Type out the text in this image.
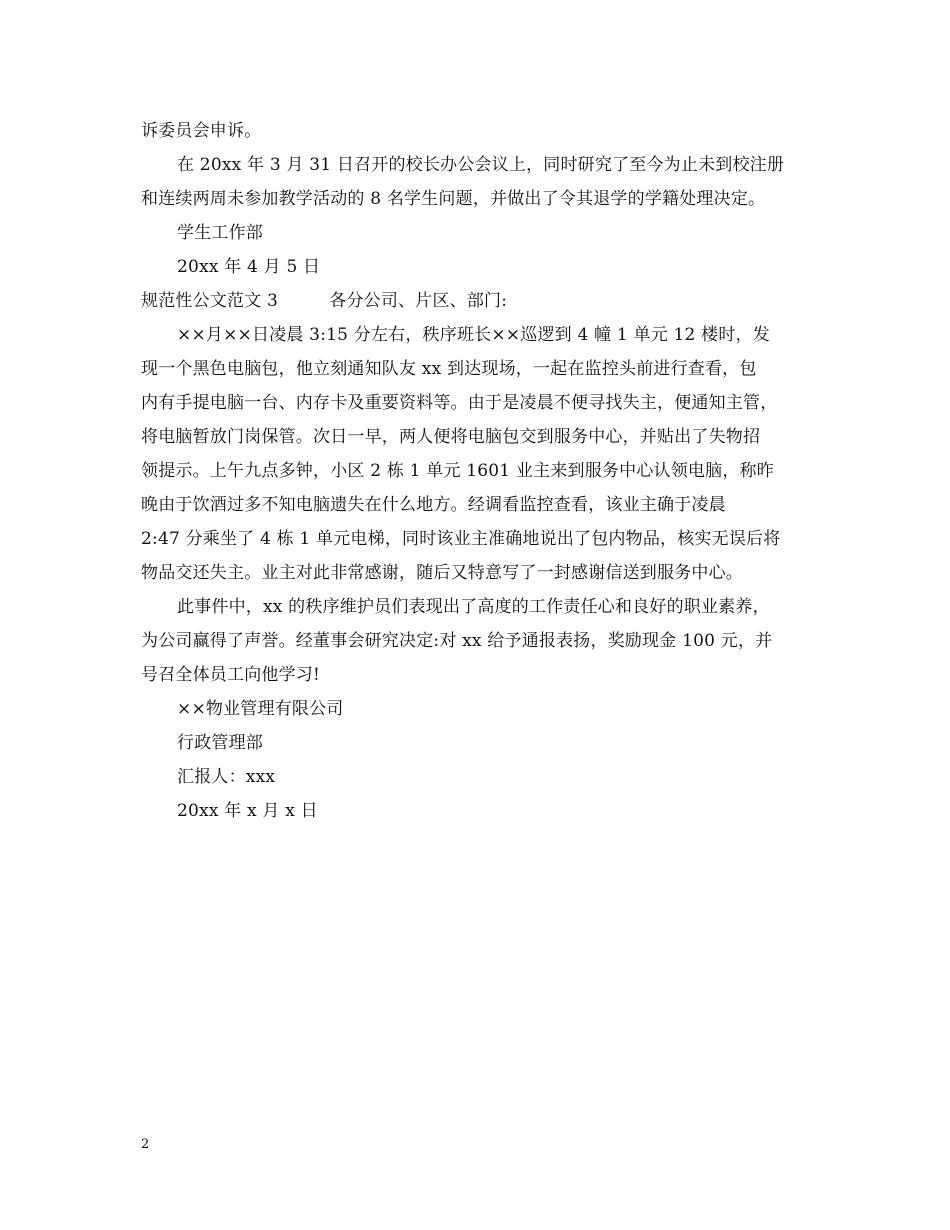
诉委员会申诉。
在 20xx 年 3 月 31 日召开的校长办公会议上，同时研究了至今为止未到校注册
和连续两周未参加教学活动的 8 名学生问题，并做出了令其退学的学籍处理决定。
学生工作部
20xx 年 4 月 5 日
规范性公文范文 3	各分公司、片区、部门:
××月××日凌晨 3:15 分左右，秩序班长××巡逻到 4 幢 1 单元 12 楼时，发
现一个黑色电脑包，他立刻通知队友 xx 到达现场，一起在监控头前进行查看，包
内有手提电脑一台、内存卡及重要资料等。由于是凌晨不便寻找失主，便通知主管，
将电脑暂放门岗保管。次日一早，两人便将电脑包交到服务中心，并贴出了失物招
领提示。上午九点多钟，小区 2 栋 1 单元 1601 业主来到服务中心认领电脑，称昨
晚由于饮酒过多不知电脑遗失在什么地方。经调看监控查看，该业主确于凌晨
2:47 分乘坐了 4 栋 1 单元电梯，同时该业主准确地说出了包内物品，核实无误后将
物品交还失主。业主对此非常感谢，随后又特意写了一封感谢信送到服务中心。
此事件中，xx 的秩序维护员们表现出了高度的工作责任心和良好的职业素养，
为公司赢得了声誉。经董事会研究决定:对 xx 给予通报表扬，奖励现金 100 元，并
号召全体员工向他学习!
××物业管理有限公司
行政管理部
汇报人：xxx
20xx 年 x 月 x 日
2
